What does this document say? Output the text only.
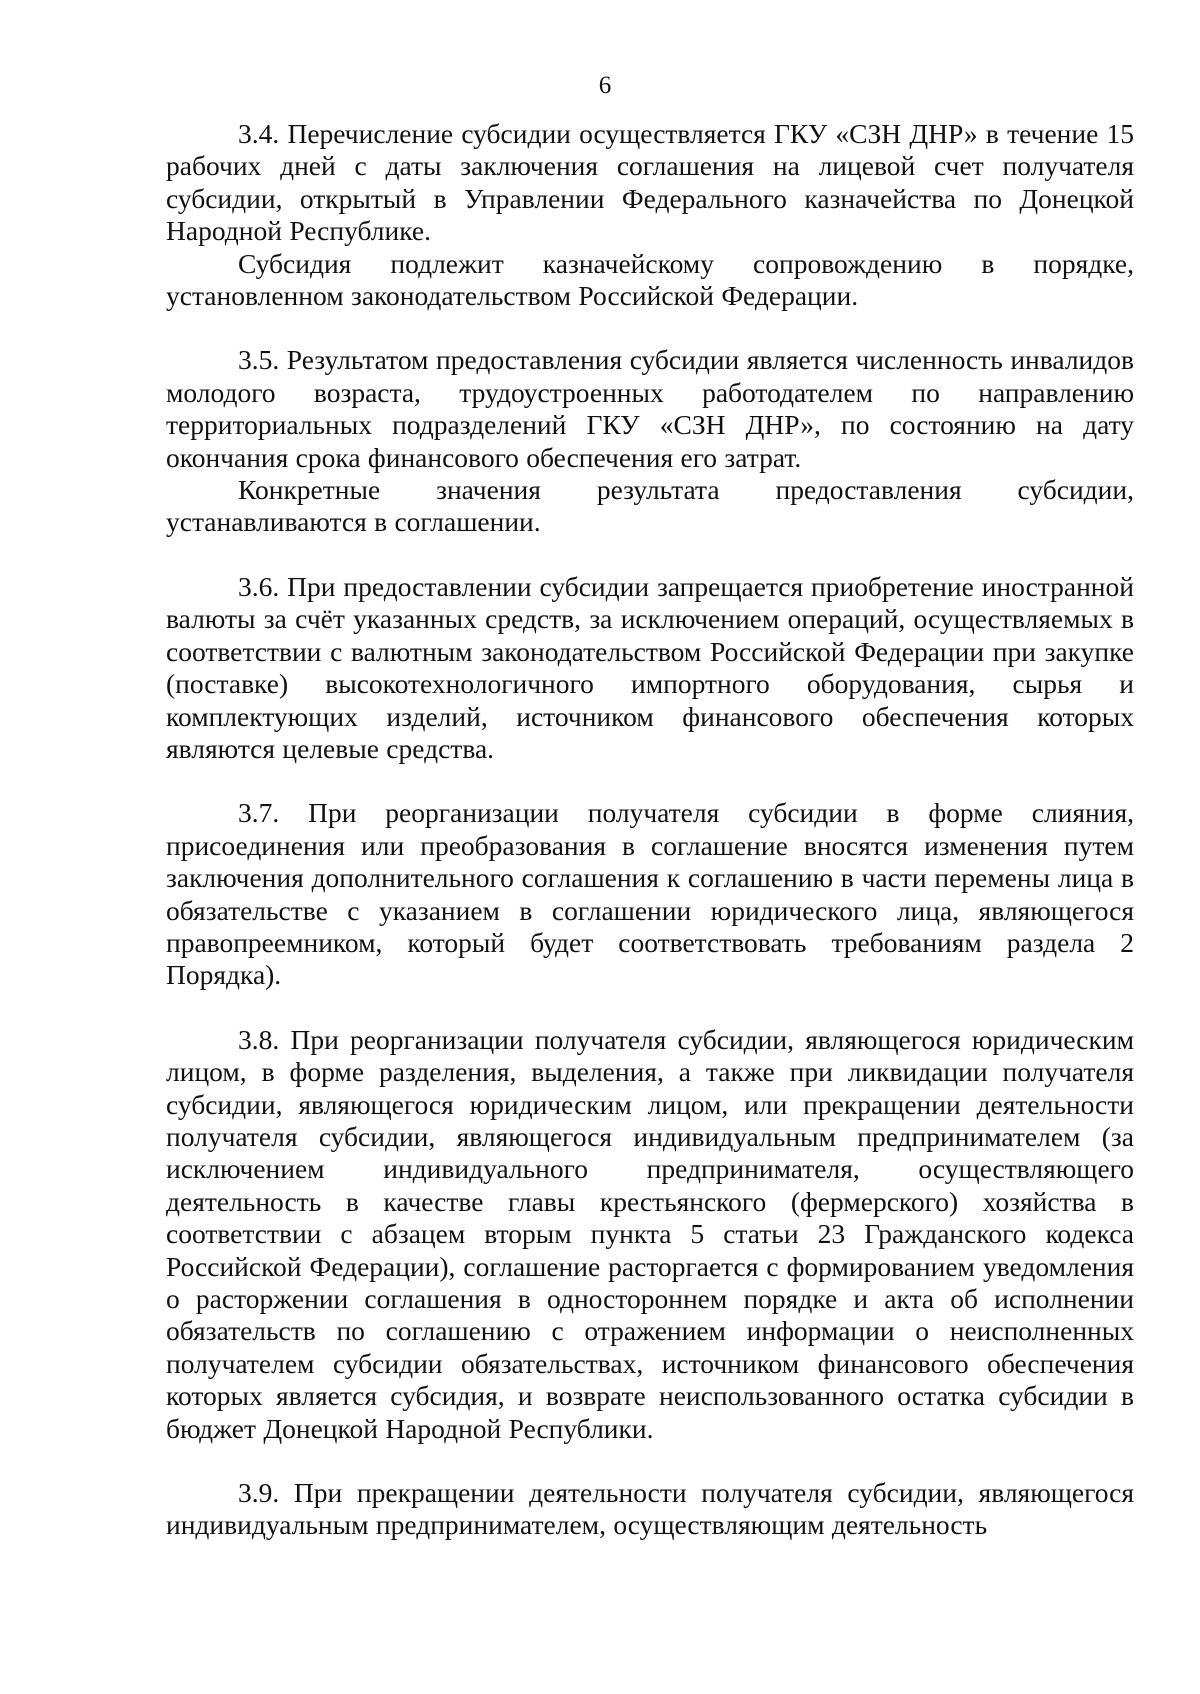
6

3.4. Перечисление субсидии осуществляется ГКУ «СЗН ДНР» в течение 15 рабочих дней с даты заключения соглашения на лицевой счет получателя субсидии, открытый в Управлении Федерального казначейства по Донецкой Народной Республике.

Субсидия подлежит казначейскому сопровождению в порядке, установленном законодательством Российской Федерации.

3.5. Результатом предоставления субсидии является численность инвалидов молодого возраста, трудоустроенных работодателем по направлению территориальных подразделений ГКУ «СЗН ДНР», по состоянию на дату окончания срока финансового обеспечения его затрат.

Конкретные значения результата предоставления субсидии, устанавливаются в соглашении.

3.6. При предоставлении субсидии запрещается приобретение иностранной валюты за счёт указанных средств, за исключением операций, осуществляемых в соответствии с валютным законодательством Российской Федерации при закупке (поставке) высокотехнологичного импортного оборудования, сырья и комплектующих изделий, источником финансового обеспечения которых являются целевые средства.

3.7. При реорганизации получателя субсидии в форме слияния, присоединения или преобразования в соглашение вносятся изменения путем заключения дополнительного соглашения к соглашению в части перемены лица в обязательстве с указанием в соглашении юридического лица, являющегося правопреемником, который будет соответствовать требованиям раздела 2 Порядка).

3.8. При реорганизации получателя субсидии, являющегося юридическим лицом, в форме разделения, выделения, а также при ликвидации получателя субсидии, являющегося юридическим лицом, или прекращении деятельности получателя субсидии, являющегося индивидуальным предпринимателем (за исключением индивидуального предпринимателя, осуществляющего деятельность в качестве главы крестьянского (фермерского) хозяйства в соответствии с абзацем вторым пункта 5 статьи 23 Гражданского кодекса Российской Федерации), соглашение расторгается с формированием уведомления о расторжении соглашения в одностороннем порядке и акта об исполнении обязательств по соглашению с отражением информации о неисполненных получателем субсидии обязательствах, источником финансового обеспечения которых является субсидия, и возврате неиспользованного остатка субсидии в бюджет Донецкой Народной Республики.

3.9. При прекращении деятельности получателя субсидии, являющегося индивидуальным предпринимателем, осуществляющим деятельность
